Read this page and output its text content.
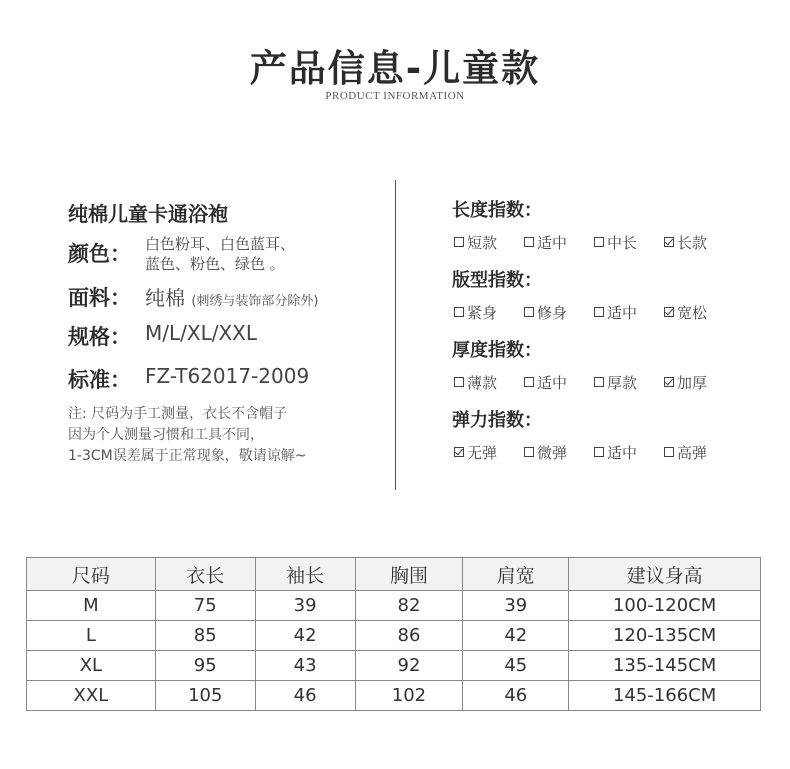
产品信息-儿童款
PRODUCT INFORMATION
纯棉儿童卡通浴袍
颜色： 白色粉耳、白色蓝耳、
蓝色、粉色、绿色 。
面料： 纯棉 (刺绣与装饰部分除外)
规格： M/L/XL/XXL
标准： FZ-T62017-2009
注: 尺码为手工测量，衣长不含帽子
因为个人测量习惯和工具不同，
1-3CM误差属于正常现象，敬请谅解~
长度指数：
短款	适中	中长	长款
版型指数：
紧身	修身	适中	宽松
厚度指数：
薄款	适中	厚款	加厚
弹力指数：
无弹	微弹	适中	高弹
尺码	衣长	袖长	胸围	肩宽	建议身高
M	75	39	82	39	100-120CM
L	85	42	86	42	120-135CM
XL	95	43	92	45	135-145CM
XXL	105	46	102	46	145-166CM
